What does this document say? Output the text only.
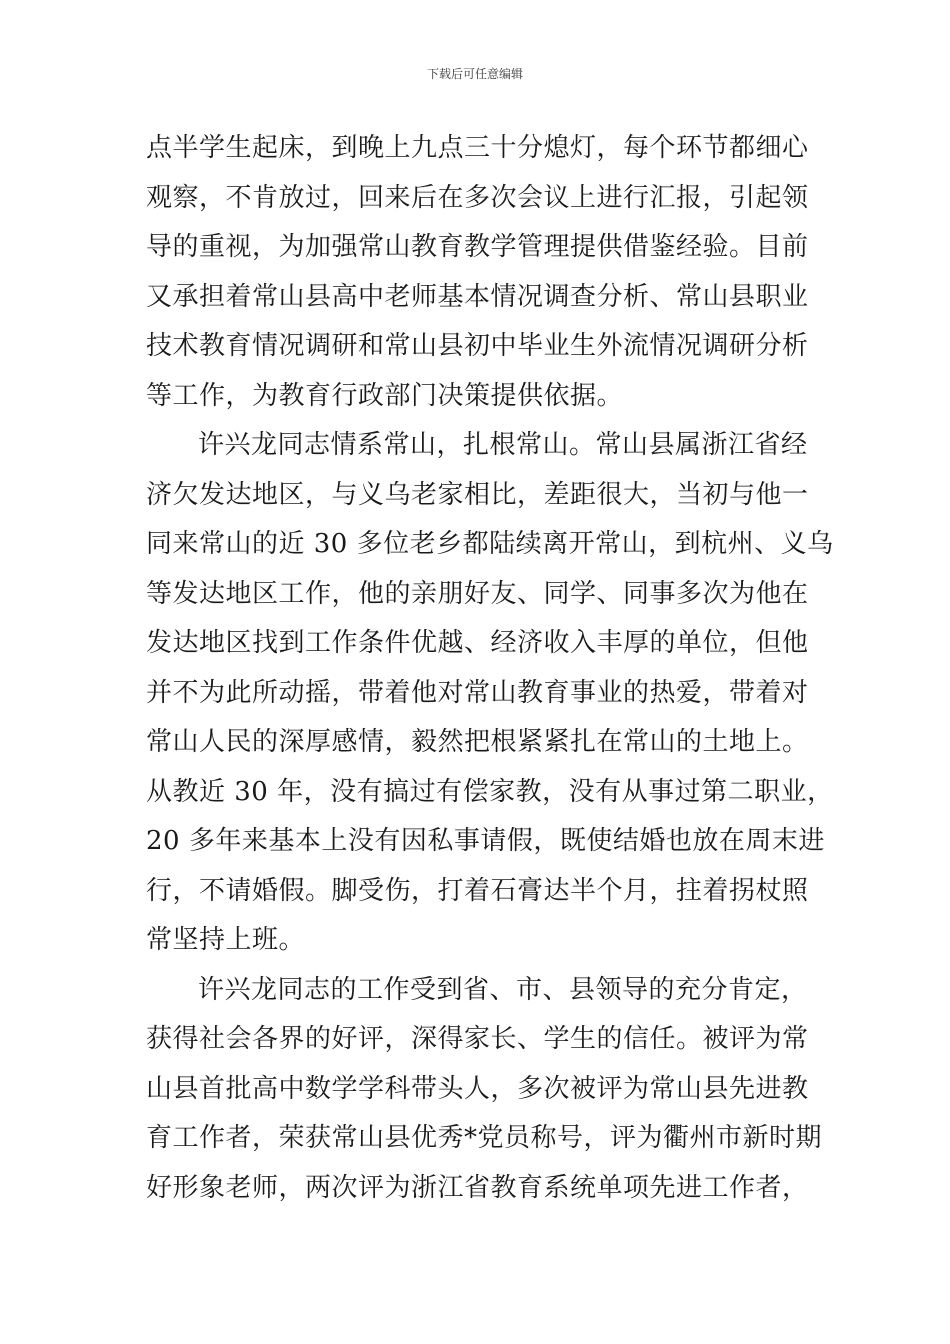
下载后可任意编辑
点半学生起床，到晚上九点三十分熄灯，每个环节都细心
观察，不肯放过，回来后在多次会议上进行汇报，引起领
导的重视，为加强常山教育教学管理提供借鉴经验。目前
又承担着常山县高中老师基本情况调查分析、常山县职业
技术教育情况调研和常山县初中毕业生外流情况调研分析
等工作，为教育行政部门决策提供依据。
许兴龙同志情系常山，扎根常山。常山县属浙江省经
济欠发达地区，与义乌老家相比，差距很大，当初与他一
同来常山的近 30 多位老乡都陆续离开常山，到杭州、义乌
等发达地区工作，他的亲朋好友、同学、同事多次为他在
发达地区找到工作条件优越、经济收入丰厚的单位，但他
并不为此所动摇，带着他对常山教育事业的热爱，带着对
常山人民的深厚感情，毅然把根紧紧扎在常山的土地上。
从教近 30 年，没有搞过有偿家教，没有从事过第二职业，
20 多年来基本上没有因私事请假，既使结婚也放在周末进
行，不请婚假。脚受伤，打着石膏达半个月，拄着拐杖照
常坚持上班。
许兴龙同志的工作受到省、市、县领导的充分肯定，
获得社会各界的好评，深得家长、学生的信任。被评为常
山县首批高中数学学科带头人，多次被评为常山县先进教
育工作者，荣获常山县优秀*党员称号，评为衢州市新时期
好形象老师，两次评为浙江省教育系统单项先进工作者，
